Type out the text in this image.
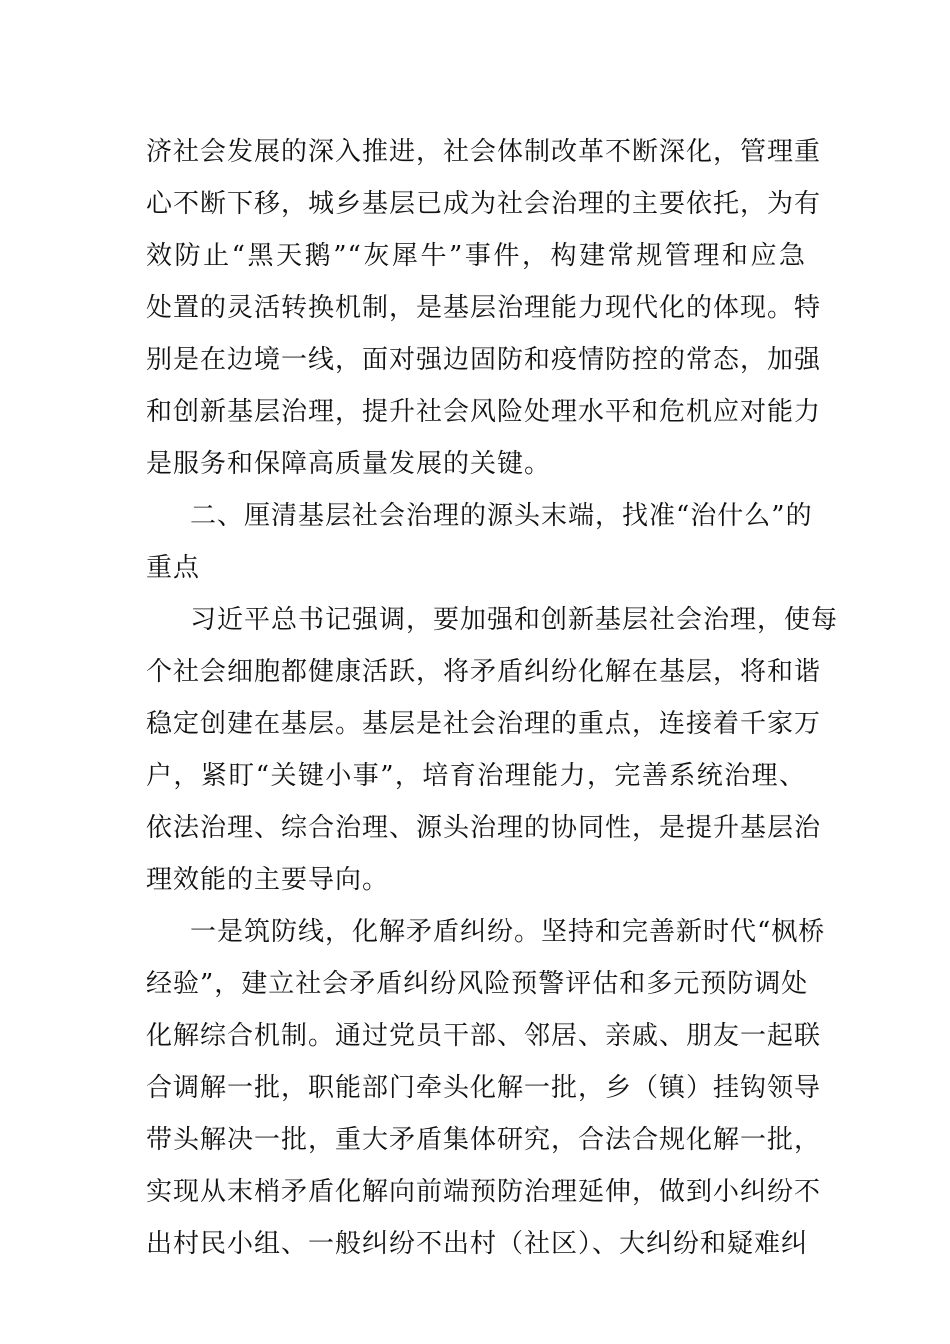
济社会发展的深入推进，社会体制改革不断深化，管理重
心不断下移，城乡基层已成为社会治理的主要依托，为有
效防止“黑天鹅”“灰犀牛”事件，构建常规管理和应急
处置的灵活转换机制，是基层治理能力现代化的体现。特
别是在边境一线，面对强边固防和疫情防控的常态，加强
和创新基层治理，提升社会风险处理水平和危机应对能力
是服务和保障高质量发展的关键。
二、厘清基层社会治理的源头末端，找准“治什么”的
重点
习近平总书记强调，要加强和创新基层社会治理，使每
个社会细胞都健康活跃，将矛盾纠纷化解在基层，将和谐
稳定创建在基层。基层是社会治理的重点，连接着千家万
户，紧盯“关键小事”，培育治理能力，完善系统治理、
依法治理、综合治理、源头治理的协同性，是提升基层治
理效能的主要导向。
一是筑防线，化解矛盾纠纷。坚持和完善新时代“枫桥
经验”，建立社会矛盾纠纷风险预警评估和多元预防调处
化解综合机制。通过党员干部、邻居、亲戚、朋友一起联
合调解一批，职能部门牵头化解一批，乡（镇）挂钩领导
带头解决一批，重大矛盾集体研究，合法合规化解一批，
实现从末梢矛盾化解向前端预防治理延伸，做到小纠纷不
出村民小组、一般纠纷不出村（社区）、大纠纷和疑难纠
